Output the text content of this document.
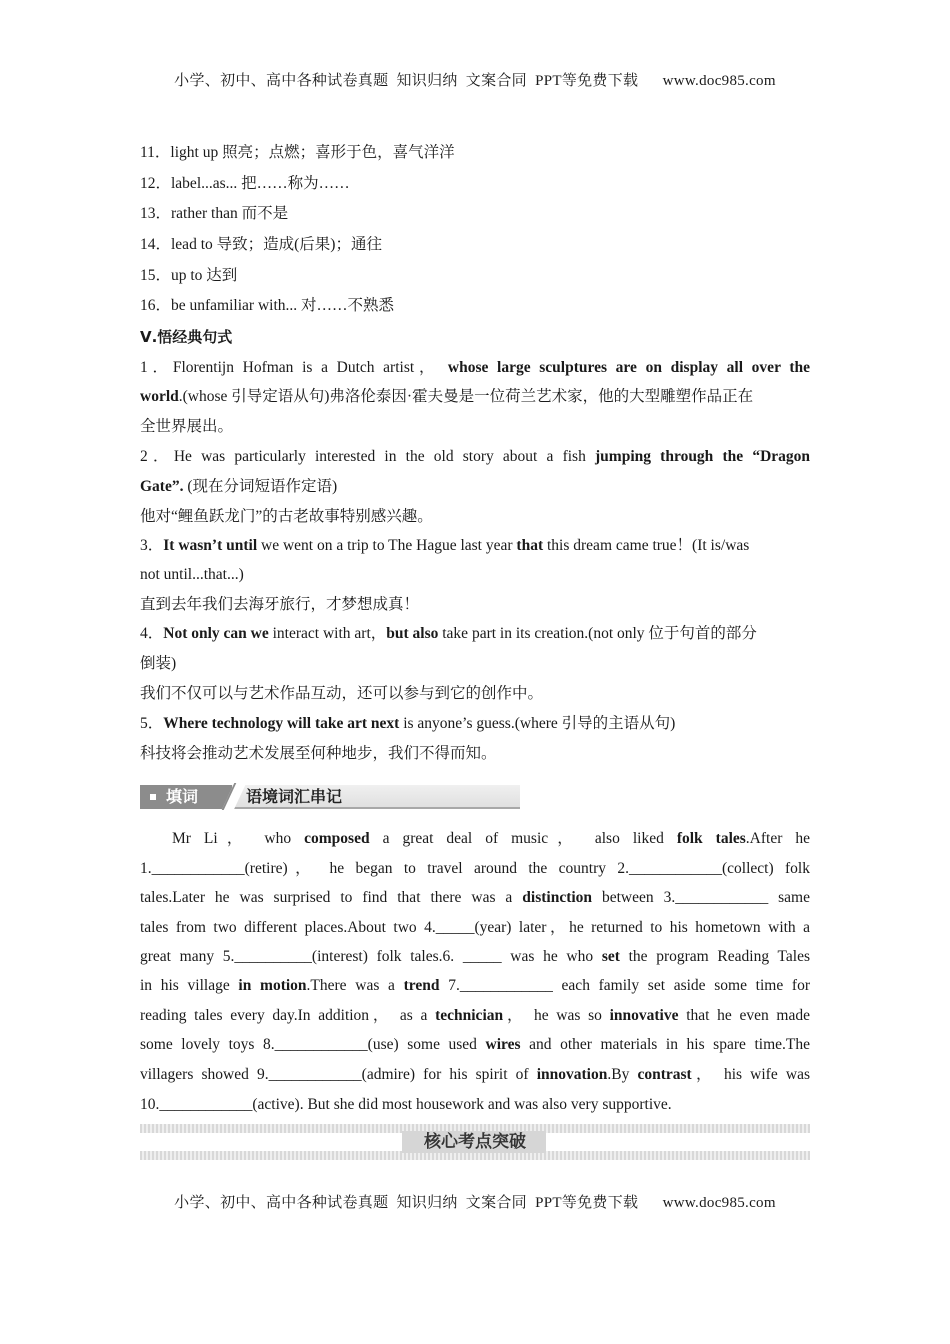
小学、初中、高中各种试卷真题  知识归纳  文案合同  PPT等免费下载      www.doc985.com
11．light up 照亮；点燃；喜形于色，喜气洋洋
12．label...as... 把……称为……
13．rather than 而不是
14．lead to 导致；造成(后果)；通往
15．up to 达到
16．be unfamiliar with... 对……不熟悉
Ⅴ.悟经典句式
1．Florentijn Hofman is a Dutch artist， whose large sculptures are on display all over the
world.(whose 引导定语从句)弗洛伦泰因·霍夫曼是一位荷兰艺术家，他的大型雕塑作品正在
全世界展出。
2．He was particularly interested in the old story about a fish jumping through the “Dragon
Gate”. (现在分词短语作定语)
他对“鲤鱼跃龙门”的古老故事特别感兴趣。
3．It wasn’t until we went on a trip to The Hague last year that this dream came true！(It is/was
not until...that...)
直到去年我们去海牙旅行，才梦想成真！
4．Not only can we interact with art，but also take part in its creation.(not only 位于句首的部分
倒装)
我们不仅可以与艺术作品互动，还可以参与到它的创作中。
5．Where technology will take art next is anyone’s guess.(where 引导的主语从句)
科技将会推动艺术发展至何种地步，我们不得而知。
填词	语境词汇串记
Mr Li， who composed a great deal of music， also liked folk tales.After he
1.____________(retire)， he began to travel around the country 2.____________(collect) folk
tales.Later he was surprised to find that there was a distinction between 3.____________ same
tales from two different places.About two 4._____(year) later，he returned to his hometown with a
great many 5.__________(interest) folk tales.6. _____ was he who set the program Reading Tales
in his village in motion.There was a trend 7.____________ each family set aside some time for
reading tales every day.In addition， as a technician， he was so innovative that he even made
some lovely toys 8.____________(use) some used wires and other materials in his spare time.The
villagers showed 9.____________(admire) for his spirit of innovation.By contrast， his wife was
10.____________(active). But she did most housework and was also very supportive.
核心考点突破
小学、初中、高中各种试卷真题  知识归纳  文案合同  PPT等免费下载      www.doc985.com
